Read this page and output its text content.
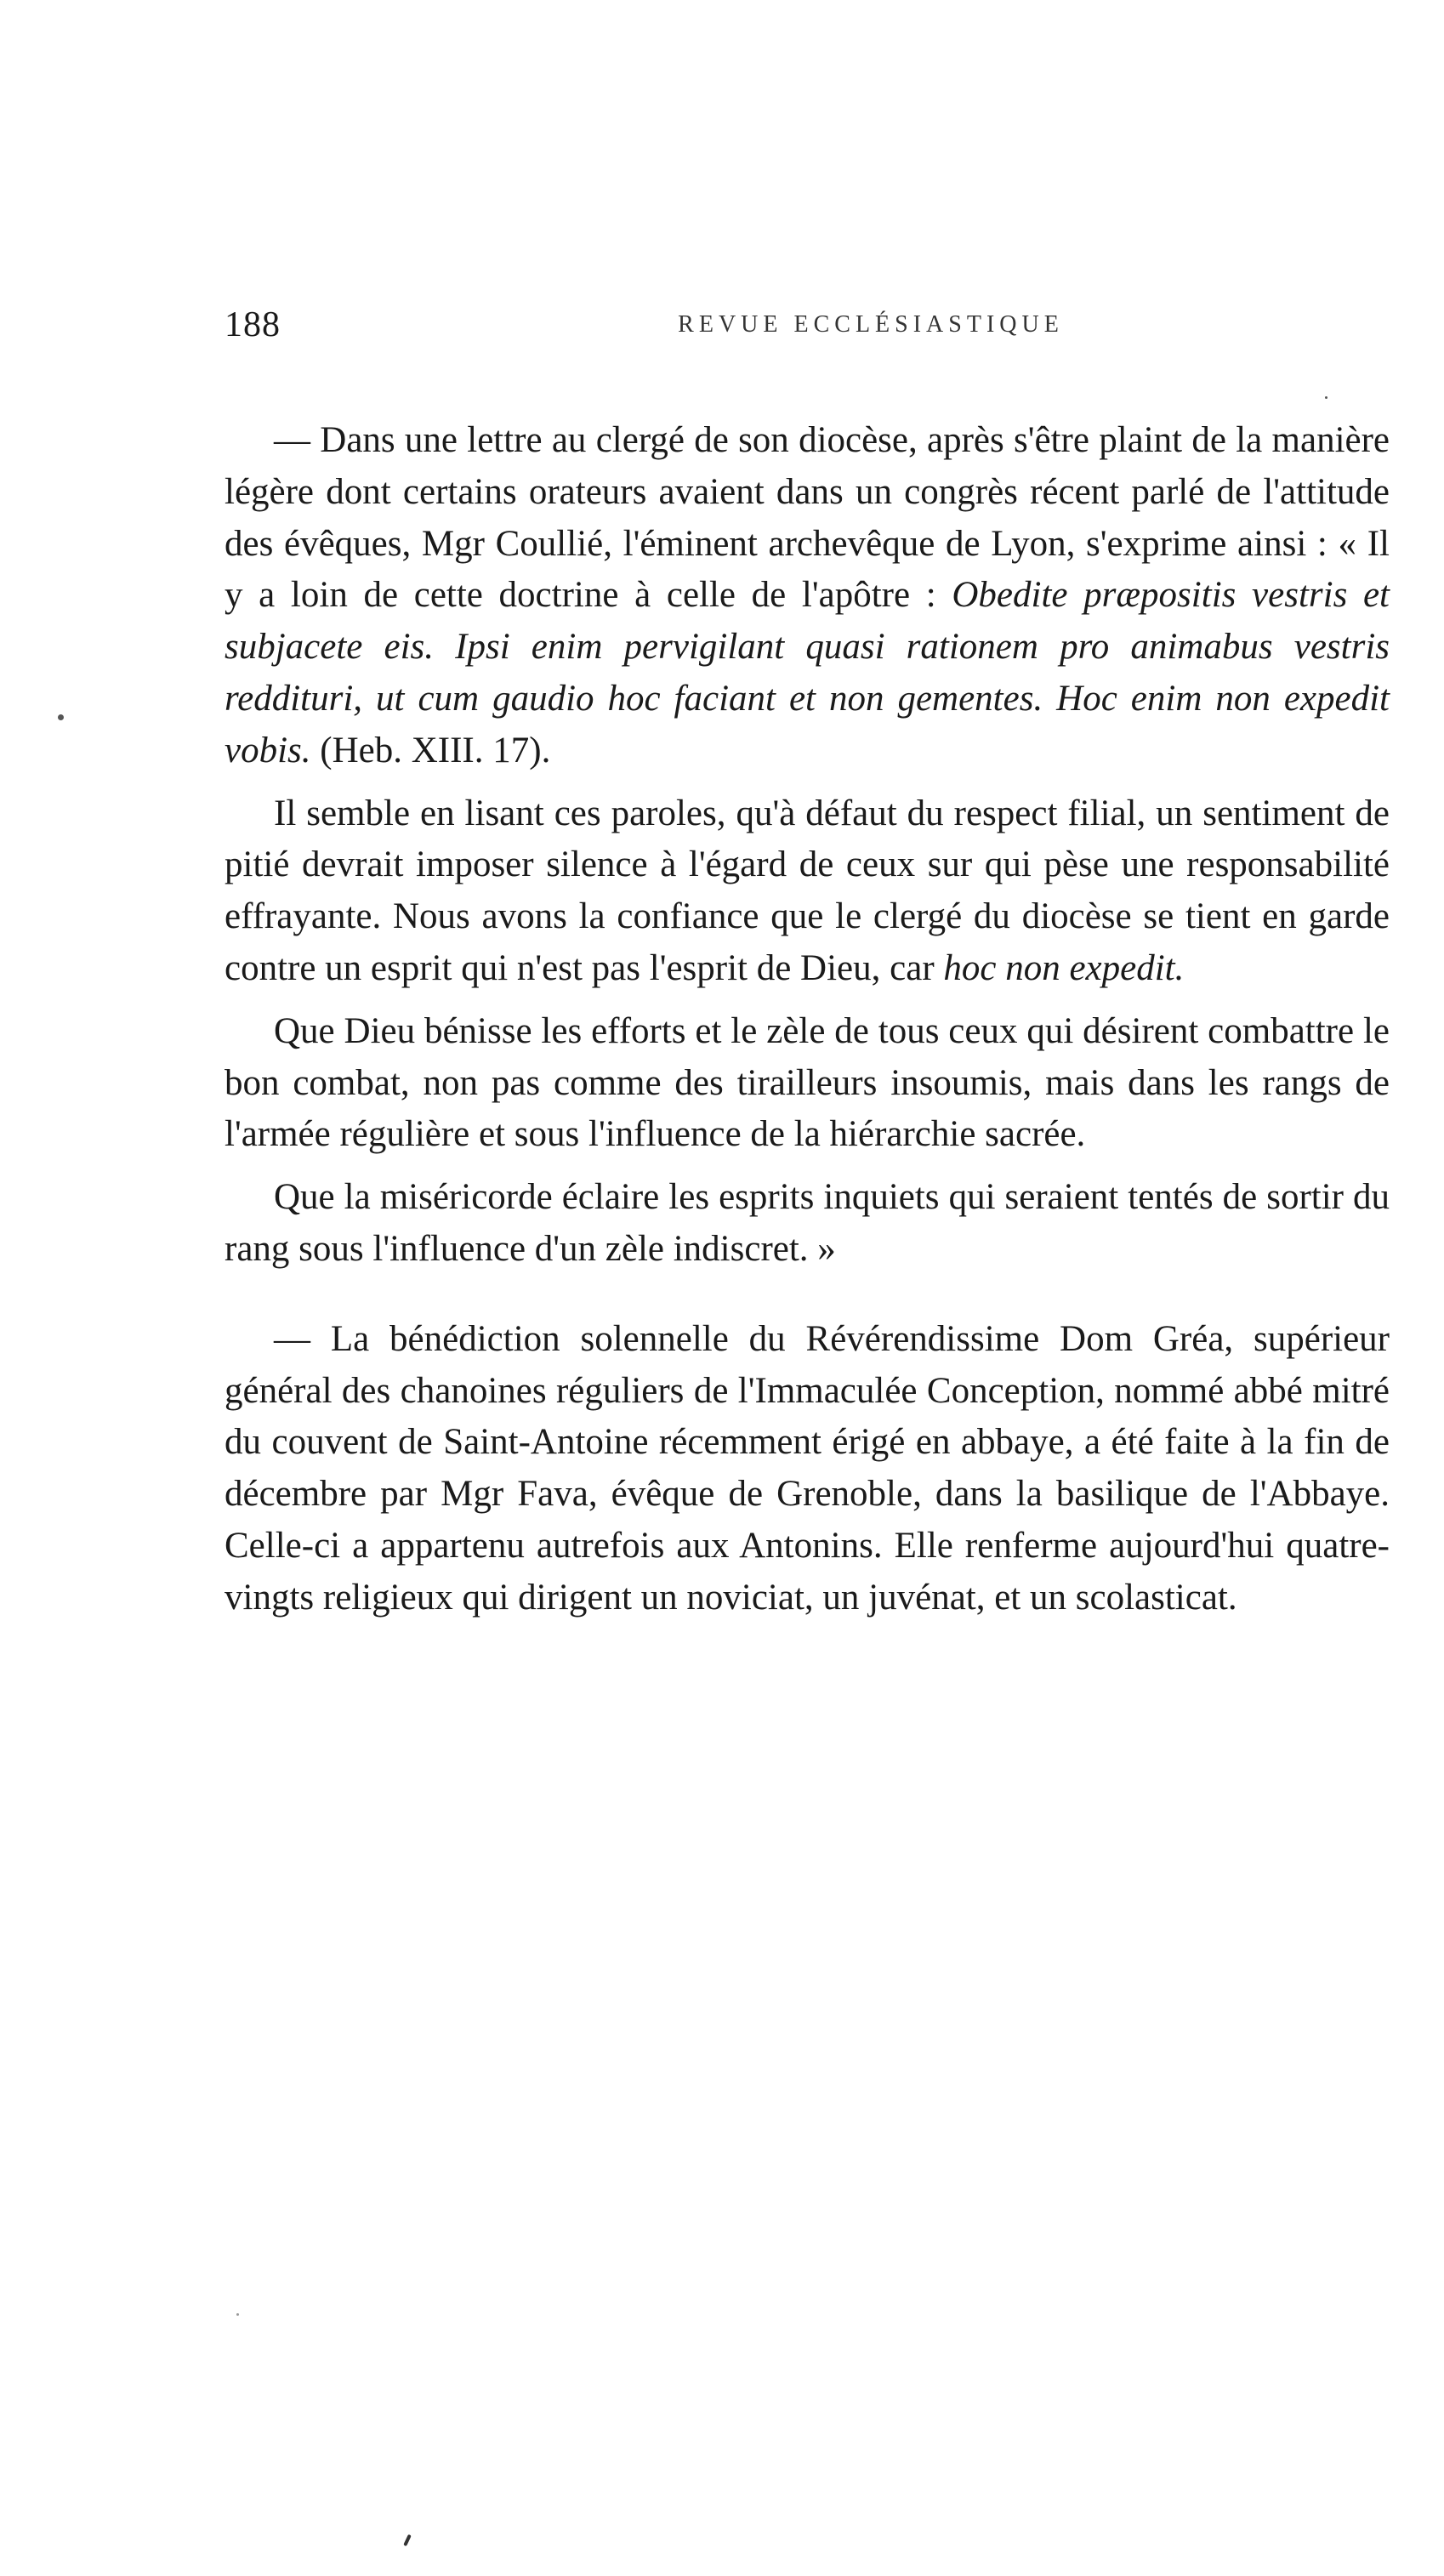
188	REVUE ECCLÉSIASTIQUE

— Dans une lettre au clergé de son diocèse, après s'être plaint de la manière légère dont certains orateurs avaient dans un congrès récent parlé de l'attitude des évêques, Mgr Coullié, l'éminent archevêque de Lyon, s'exprime ainsi : « Il y a loin de cette doctrine à celle de l'apôtre : Obedite præpositis vestris et subjacete eis. Ipsi enim pervigilant quasi rationem pro animabus vestris reddituri, ut cum gaudio hoc faciant et non gementes. Hoc enim non expedit vobis. (Heb. XIII. 17).

Il semble en lisant ces paroles, qu'à défaut du respect filial, un sentiment de pitié devrait imposer silence à l'égard de ceux sur qui pèse une responsabilité effrayante. Nous avons la confiance que le clergé du diocèse se tient en garde contre un esprit qui n'est pas l'esprit de Dieu, car hoc non expedit.

Que Dieu bénisse les efforts et le zèle de tous ceux qui désirent combattre le bon combat, non pas comme des tirailleurs insoumis, mais dans les rangs de l'armée régulière et sous l'influence de la hiérarchie sacrée.

Que la miséricorde éclaire les esprits inquiets qui seraient tentés de sortir du rang sous l'influence d'un zèle indiscret. »

— La bénédiction solennelle du Révérendissime Dom Gréa, supérieur général des chanoines réguliers de l'Immaculée Conception, nommé abbé mitré du couvent de Saint-Antoine récemment érigé en abbaye, a été faite à la fin de décembre par Mgr Fava, évêque de Grenoble, dans la basilique de l'Abbaye. Celle-ci a appartenu autrefois aux Antonins. Elle renferme aujourd'hui quatre-vingts religieux qui dirigent un noviciat, un juvénat, et un scolasticat.
